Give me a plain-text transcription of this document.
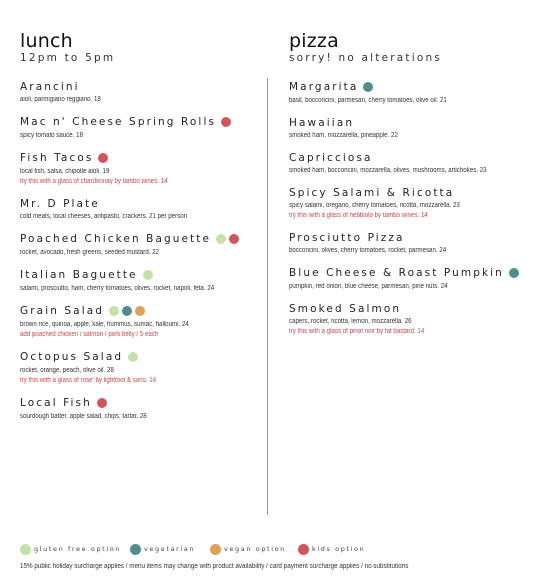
lunch
12pm to 5pm
Arancini
aioli, parmigiano reggiano. 18
Mac n' Cheese Spring Rolls
spicy tomato sauce. 18
Fish Tacos
local fish, salsa, chipotle aioli. 19
try this with a glass of chardonnay by tambo wines. 14
Mr. D Plate
cold meats, local cheeses, antipasto, crackers. 21 per person
Poached Chicken Baguette
rocket, avocado, fresh greens, seeded mustard. 22
Italian Baguette
salami, prosciutto, ham, cherry tomatoes, olives, rocket, napoli, feta. 24
Grain Salad
brown rice, quinoa, apple, kale, hummus, sumac, halloumi. 24
add poached chicken / salmon / pork belly / 5 each
Octopus Salad
rocket, orange, peach, olive oil. 28
try this with a glass of rose' by lightfoot & sons. 14
Local Fish
sourdough batter, apple salad, chips, tartar. 28
pizza
sorry! no alterations
Margarita
basil, bocconcini, parmesan, cherry tomatoes, olive oil. 21
Hawaiian
smoked ham, mozzarella, pineapple. 22
Capricciosa
smoked ham, bocconcini, mozzarella, olives, mushrooms, artichokes. 23
Spicy Salami & Ricotta
spicy salami, oregano, cherry tomatoes, ricotta, mozzarella. 23
try this with a glass of nebbiolo by tambo wines. 14
Prosciutto Pizza
bocconcini, olives, cherry tomatoes, rocket, parmesan. 24
Blue Cheese & Roast Pumpkin
pumpkin, red onion, blue cheese, parmesan, pine nuts. 24
Smoked Salmon
capers, rocket, ricotta, lemon, mozzarella. 26
try this with a glass of pinot noir by fat bastard. 14
gluten free option	vegetarian	vegan option	kids option
15% public holiday surcharge applies / menu items may change with product availability / card payment surcharge applies / no substitutions
